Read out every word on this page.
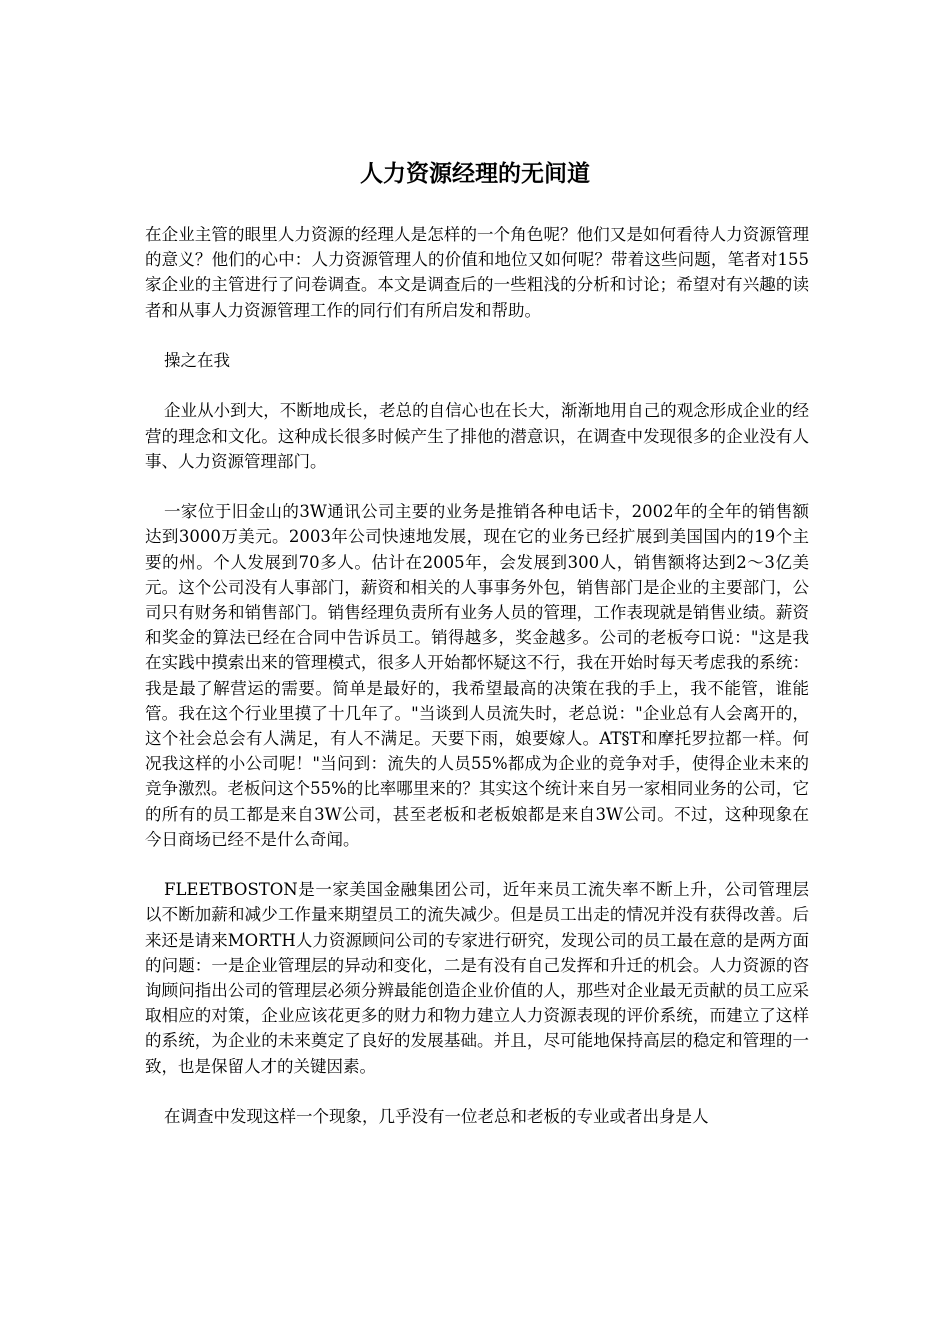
人力资源经理的无间道

在企业主管的眼里人力资源的经理人是怎样的一个角色呢？他们又是如何看待人力资源管理的意义？他们的心中：人力资源管理人的价值和地位又如何呢？带着这些问题，笔者对155家企业的主管进行了问卷调查。本文是调查后的一些粗浅的分析和讨论；希望对有兴趣的读者和从事人力资源管理工作的同行们有所启发和帮助。

操之在我

企业从小到大，不断地成长，老总的自信心也在长大，渐渐地用自己的观念形成企业的经营的理念和文化。这种成长很多时候产生了排他的潜意识，在调查中发现很多的企业没有人事、人力资源管理部门。

一家位于旧金山的3W通讯公司主要的业务是推销各种电话卡，2002年的全年的销售额达到3000万美元。2003年公司快速地发展，现在它的业务已经扩展到美国国内的19个主要的州。个人发展到70多人。估计在2005年，会发展到300人，销售额将达到2～3亿美元。这个公司没有人事部门，薪资和相关的人事事务外包，销售部门是企业的主要部门，公司只有财务和销售部门。销售经理负责所有业务人员的管理，工作表现就是销售业绩。薪资和奖金的算法已经在合同中告诉员工。销得越多，奖金越多。公司的老板夸口说："这是我在实践中摸索出来的管理模式，很多人开始都怀疑这不行，我在开始时每天考虑我的系统：我是最了解营运的需要。简单是最好的，我希望最高的决策在我的手上，我不能管，谁能管。我在这个行业里摸了十几年了。"当谈到人员流失时，老总说："企业总有人会离开的，这个社会总会有人满足，有人不满足。天要下雨，娘要嫁人。AT§T和摩托罗拉都一样。何况我这样的小公司呢！"当问到：流失的人员55%都成为企业的竞争对手，使得企业未来的竞争激烈。老板问这个55%的比率哪里来的？其实这个统计来自另一家相同业务的公司，它的所有的员工都是来自3W公司，甚至老板和老板娘都是来自3W公司。不过，这种现象在今日商场已经不是什么奇闻。

FLEETBOSTON是一家美国金融集团公司，近年来员工流失率不断上升，公司管理层以不断加薪和减少工作量来期望员工的流失减少。但是员工出走的情况并没有获得改善。后来还是请来MORTH人力资源顾问公司的专家进行研究，发现公司的员工最在意的是两方面的问题：一是企业管理层的异动和变化，二是有没有自己发挥和升迁的机会。人力资源的咨询顾问指出公司的管理层必须分辨最能创造企业价值的人，那些对企业最无贡献的员工应采取相应的对策，企业应该花更多的财力和物力建立人力资源表现的评价系统，而建立了这样的系统，为企业的未来奠定了良好的发展基础。并且，尽可能地保持高层的稳定和管理的一致，也是保留人才的关键因素。

在调查中发现这样一个现象，几乎没有一位老总和老板的专业或者出身是人
